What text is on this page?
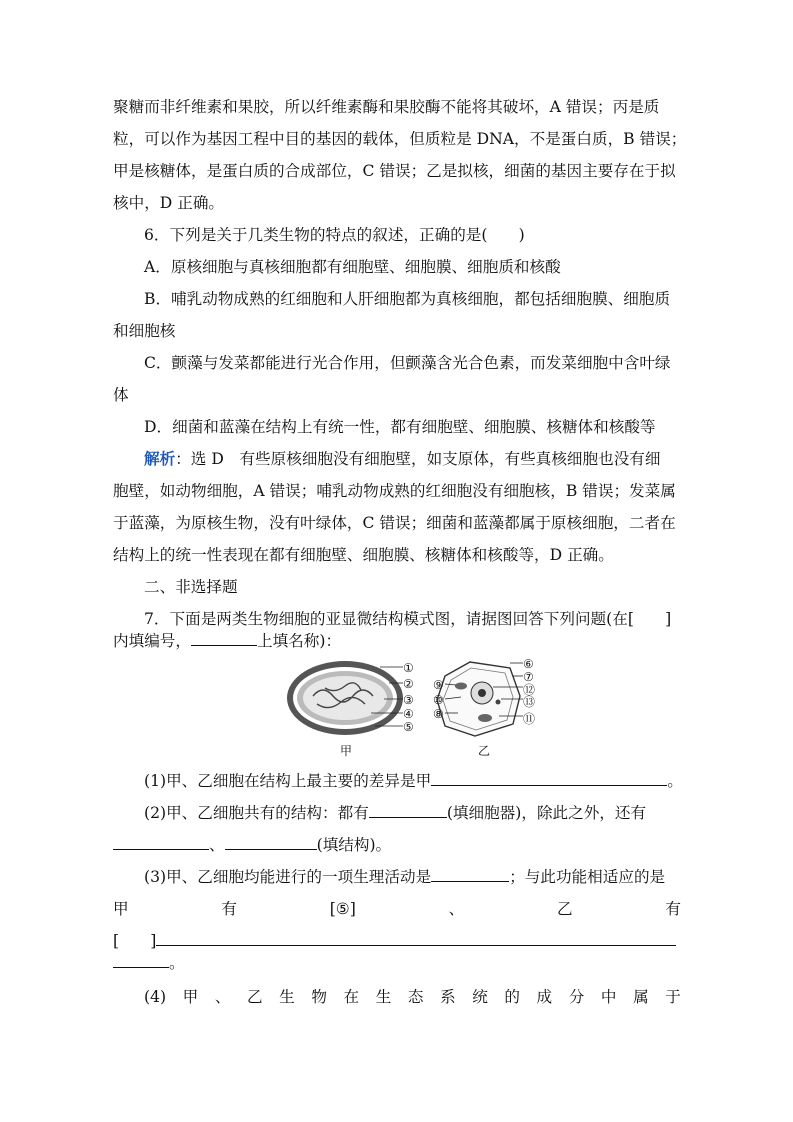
聚糖而非纤维素和果胶，所以纤维素酶和果胶酶不能将其破坏，A 错误；丙是质
粒，可以作为基因工程中目的基因的载体，但质粒是 DNA，不是蛋白质，B 错误；
甲是核糖体，是蛋白质的合成部位，C 错误；乙是拟核，细菌的基因主要存在于拟
核中，D 正确。
6．下列是关于几类生物的特点的叙述，正确的是(　　)
A．原核细胞与真核细胞都有细胞壁、细胞膜、细胞质和核酸
B．哺乳动物成熟的红细胞和人肝细胞都为真核细胞，都包括细胞膜、细胞质
和细胞核
C．颤藻与发菜都能进行光合作用，但颤藻含光合色素，而发菜细胞中含叶绿
体
D．细菌和蓝藻在结构上有统一性，都有细胞壁、细胞膜、核糖体和核酸等
解析：选 D　有些原核细胞没有细胞壁，如支原体，有些真核细胞也没有细
胞壁，如动物细胞，A 错误；哺乳动物成熟的红细胞没有细胞核，B 错误；发菜属
于蓝藻，为原核生物，没有叶绿体，C 错误；细菌和蓝藻都属于原核细胞，二者在
结构上的统一性表现在都有细胞壁、细胞膜、核糖体和核酸等，D 正确。
二、非选择题
7．下面是两类生物细胞的亚显微结构模式图，请据图回答下列问题(在[　　]
内填编号，	上填名称)：
①
②
③
④
⑤
⑥
⑦
⑫
⑬
⑪
⑨
⑩
⑧
甲	乙
(1)甲、乙细胞在结构上最主要的差异是甲	。
(2)甲、乙细胞共有的结构：都有	(填细胞器)，除此之外，还有
、	(填结构)。
(3)甲、乙细胞均能进行的一项生理活动是	；与此功能相适应的是
甲	有	[⑤]	、	乙	有
[　　]
。
(4) 甲 、 乙 生 物 在 生 态 系 统 的 成 分 中 属 于
